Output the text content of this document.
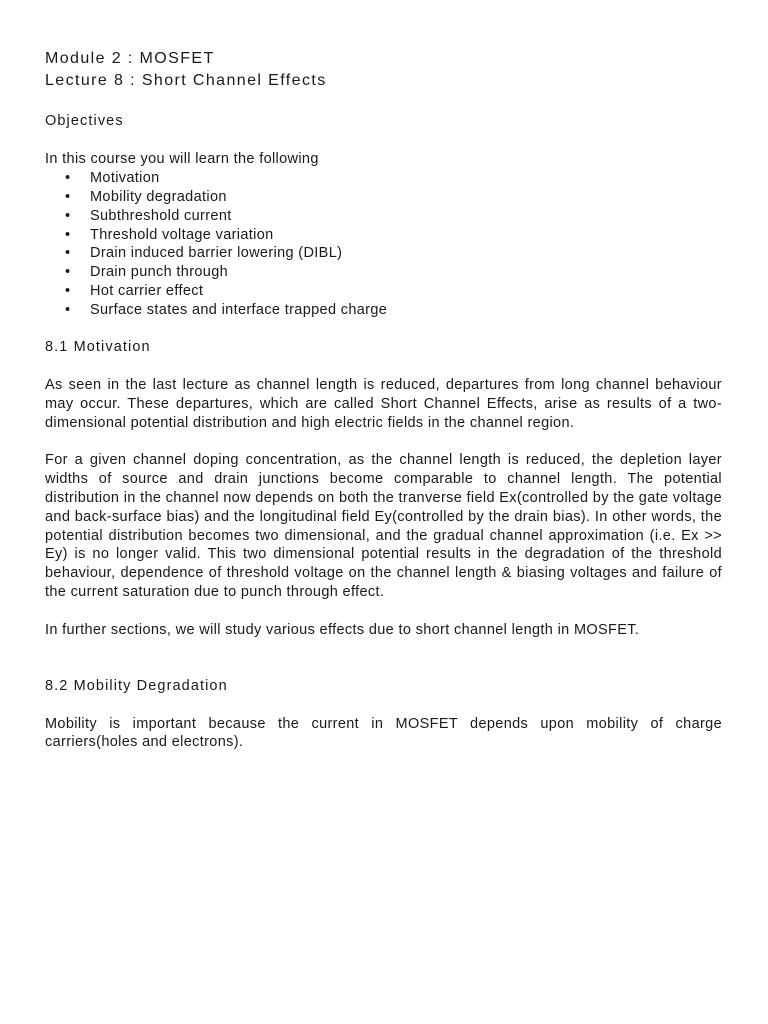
Module 2 : MOSFET

Lecture 8 : Short Channel Effects

Objectives

In this course you will learn the following

• Motivation
• Mobility degradation
• Subthreshold current
• Threshold voltage variation
• Drain induced barrier lowering (DIBL)
• Drain punch through
• Hot carrier effect
• Surface states and interface trapped charge

8.1 Motivation

As seen in the last lecture as channel length is reduced, departures from long channel behaviour may occur. These departures, which are called Short Channel Effects, arise as results of a two-dimensional potential distribution and high electric fields in the channel region.

For a given channel doping concentration, as the channel length is reduced, the depletion layer widths of source and drain junctions become comparable to channel length. The potential distribution in the channel now depends on both the tranverse field Ex(controlled by the gate voltage and back-surface bias) and the longitudinal field Ey(controlled by the drain bias). In other words, the potential distribution becomes two dimensional, and the gradual channel approximation (i.e. Ex >> Ey) is no longer valid. This two dimensional potential results in the degradation of the threshold behaviour, dependence of threshold voltage on the channel length & biasing voltages and failure of the current saturation due to punch through effect.

In further sections, we will study various effects due to short channel length in MOSFET.

8.2 Mobility Degradation

Mobility is important because the current in MOSFET depends upon mobility of charge carriers(holes and electrons).
